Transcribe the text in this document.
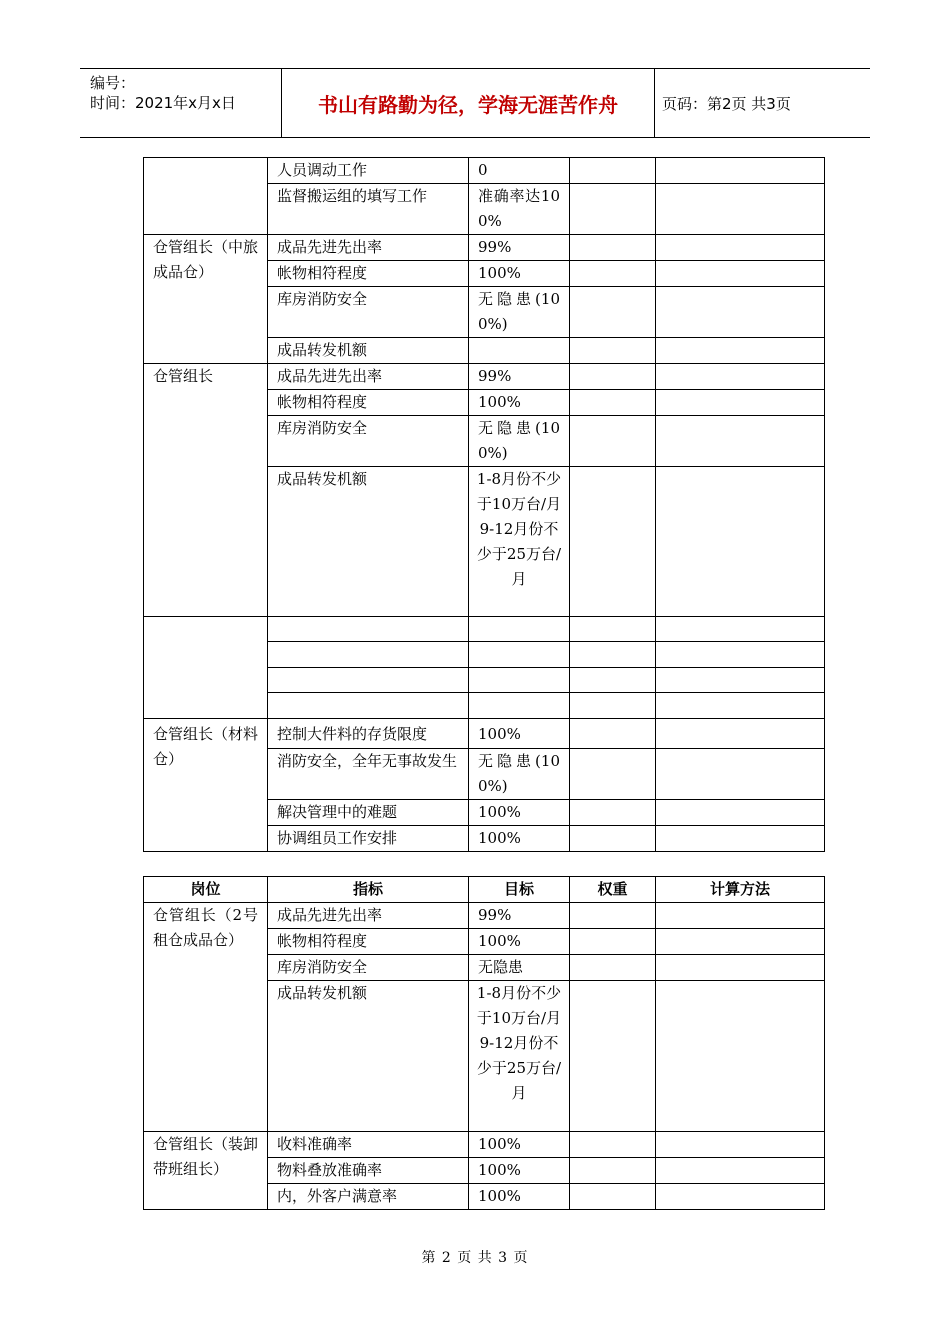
编号：
时间：2021年x月x日	书山有路勤为径，学海无涯苦作舟	页码：第2页 共3页
	人员调动工作	0		
	监督搬运组的填写工作	准确率达100%		
仓管组长（中旅成品仓）	成品先进先出率	99%		
	帐物相符程度	100%		
	库房消防安全	无隐患(100%)		
	成品转发机额			
仓管组长	成品先进先出率	99%		
	帐物相符程度	100%		
	库房消防安全	无隐患(100%)		
	成品转发机额	1-8月份不少于10万台/月 9-12月份不少于25万台/月		

仓管组长（材料仓）	控制大件料的存货限度	100%		
	消防安全，全年无事故发生	无隐患(100%)		
	解决管理中的难题	100%		
	协调组员工作安排	100%		
岗位	指标	目标	权重	计算方法
仓管组长（2号租仓成品仓）	成品先进先出率	99%		
	帐物相符程度	100%		
	库房消防安全	无隐患		
	成品转发机额	1-8月份不少于10万台/月 9-12月份不少于25万台/月		
仓管组长（装卸带班组长）	收料准确率	100%		
	物料叠放准确率	100%		
	内，外客户满意率	100%		
第 2 页 共 3 页
